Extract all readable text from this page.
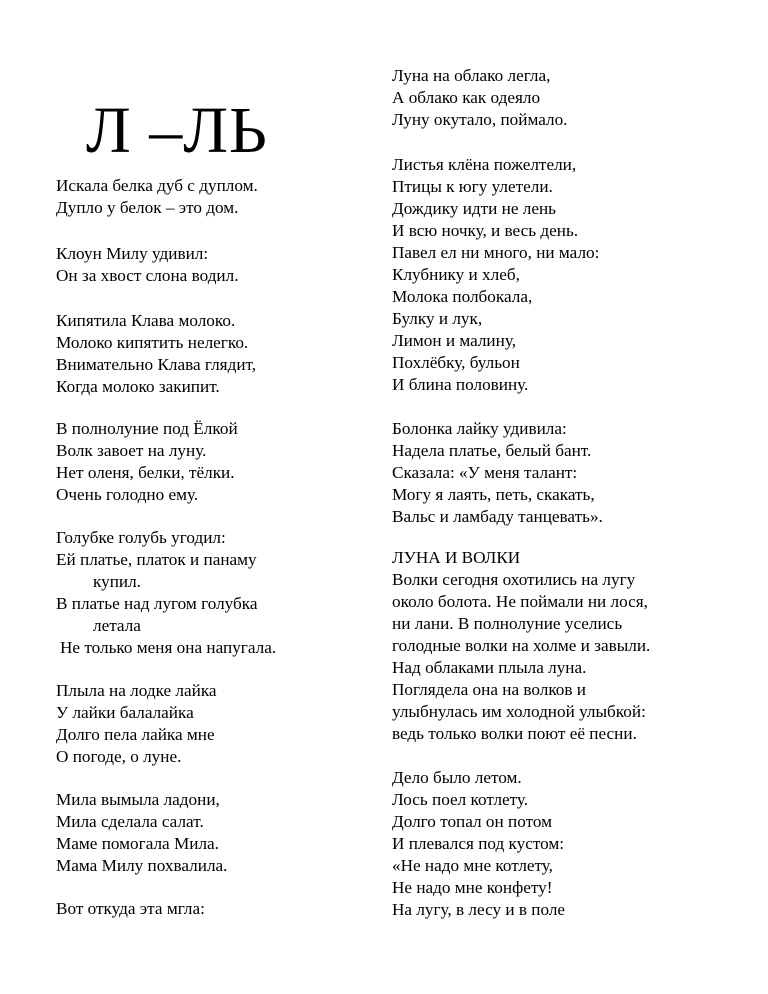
Л –ЛЬ
Искала белка дуб с дуплом.
Дупло у белок – это дом.
Клоун Милу удивил:
Он за хвост слона водил.
Кипятила Клава молоко.
Молоко кипятить нелегко.
Внимательно Клава глядит,
Когда молоко закипит.
В полнолуние под Ёлкой
Волк завоет на луну.
Нет оленя, белки, тёлки.
Очень голодно ему.
Голубке голубь угодил:
Ей платье, платок и панаму
купил.
В платье над лугом голубка
летала
Не только меня она напугала.
Плыла на лодке лайка
У лайки балалайка
Долго пела лайка мне
О погоде, о луне.
Мила вымыла ладони,
Мила сделала салат.
Маме помогала Мила.
Мама Милу похвалила.
Вот откуда эта мгла:
Луна на облако легла,
А облако как одеяло
Луну окутало, поймало.
Листья клёна пожелтели,
Птицы к югу улетели.
Дождику идти не лень
И всю ночку, и весь день.
Павел ел ни много, ни мало:
Клубнику и хлеб,
Молока полбокала,
Булку и лук,
Лимон и малину,
Похлёбку, бульон
И блина половину.
Болонка лайку удивила:
Надела платье, белый бант.
Сказала: «У меня талант:
Могу я лаять, петь, скакать,
Вальс и ламбаду танцевать».
ЛУНА И ВОЛКИ
Волки сегодня охотились на лугу
около болота. Не поймали ни лося,
ни лани. В полнолуние уселись
голодные волки на холме и завыли.
Над облаками плыла луна.
Поглядела она на волков и
улыбнулась им холодной улыбкой:
ведь только волки поют её песни.
Дело было летом.
Лось поел котлету.
Долго топал он потом
И плевался под кустом:
«Не надо мне котлету,
Не надо мне конфету!
На лугу, в лесу и в поле
